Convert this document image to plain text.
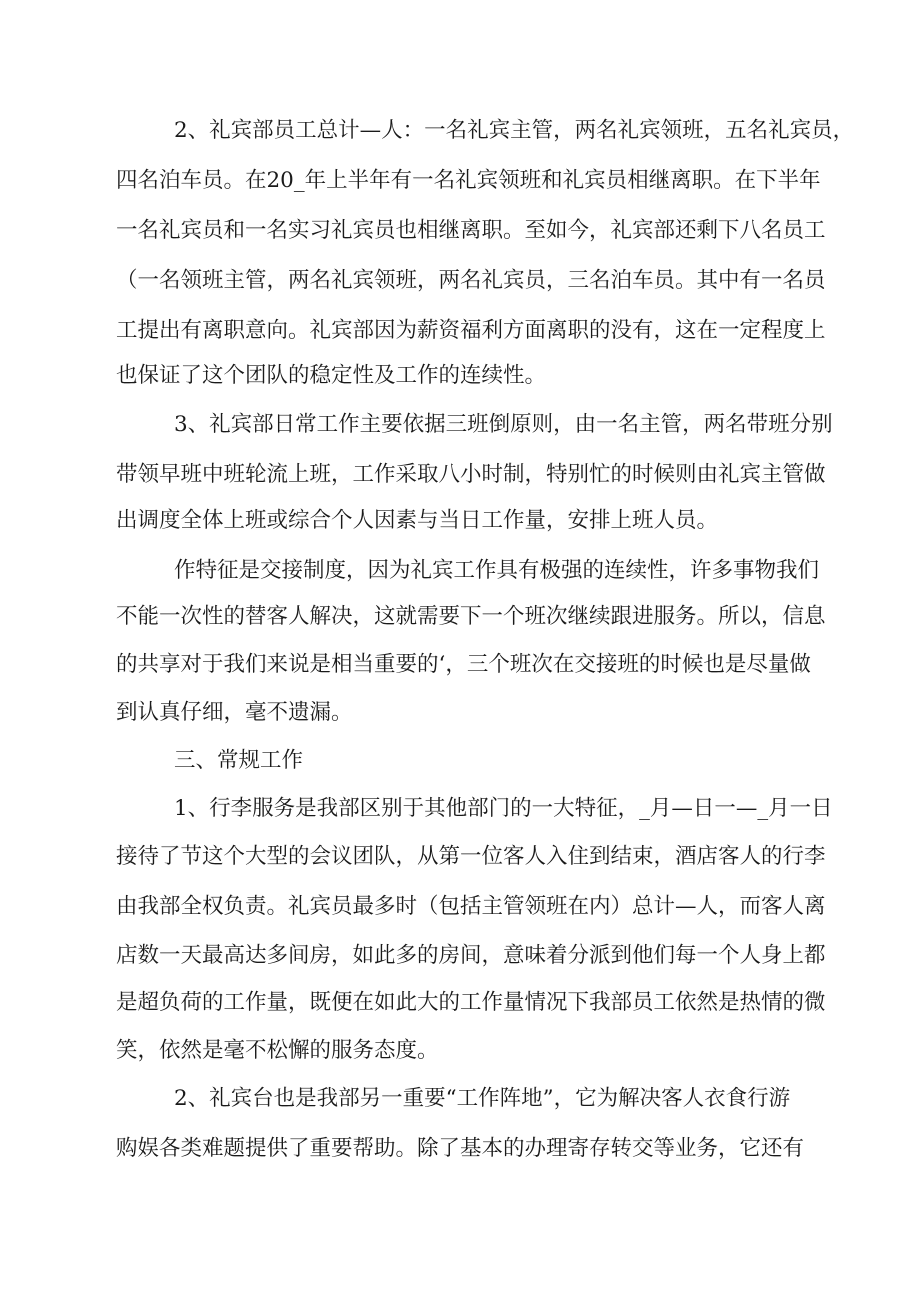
2、礼宾部员工总计—人：一名礼宾主管，两名礼宾领班，五名礼宾员，
四名泊车员。在20_年上半年有一名礼宾领班和礼宾员相继离职。在下半年
一名礼宾员和一名实习礼宾员也相继离职。至如今，礼宾部还剩下八名员工
（一名领班主管，两名礼宾领班，两名礼宾员，三名泊车员。其中有一名员
工提出有离职意向。礼宾部因为薪资福利方面离职的没有，这在一定程度上
也保证了这个团队的稳定性及工作的连续性。
3、礼宾部日常工作主要依据三班倒原则，由一名主管，两名带班分别
带领早班中班轮流上班，工作采取八小时制，特别忙的时候则由礼宾主管做
出调度全体上班或综合个人因素与当日工作量，安排上班人员。
作特征是交接制度，因为礼宾工作具有极强的连续性，许多事物我们
不能一次性的替客人解决，这就需要下一个班次继续跟进服务。所以，信息
的共享对于我们来说是相当重要的‘，三个班次在交接班的时候也是尽量做
到认真仔细，毫不遗漏。
三、常规工作
1、行李服务是我部区别于其他部门的一大特征，_月—日一—_月一日
接待了节这个大型的会议团队，从第一位客人入住到结束，酒店客人的行李
由我部全权负责。礼宾员最多时（包括主管领班在内）总计—人，而客人离
店数一天最高达多间房，如此多的房间，意味着分派到他们每一个人身上都
是超负荷的工作量，既便在如此大的工作量情况下我部员工依然是热情的微
笑，依然是毫不松懈的服务态度。
2、礼宾台也是我部另一重要“工作阵地”，它为解决客人衣食行游
购娱各类难题提供了重要帮助。除了基本的办理寄存转交等业务，它还有
